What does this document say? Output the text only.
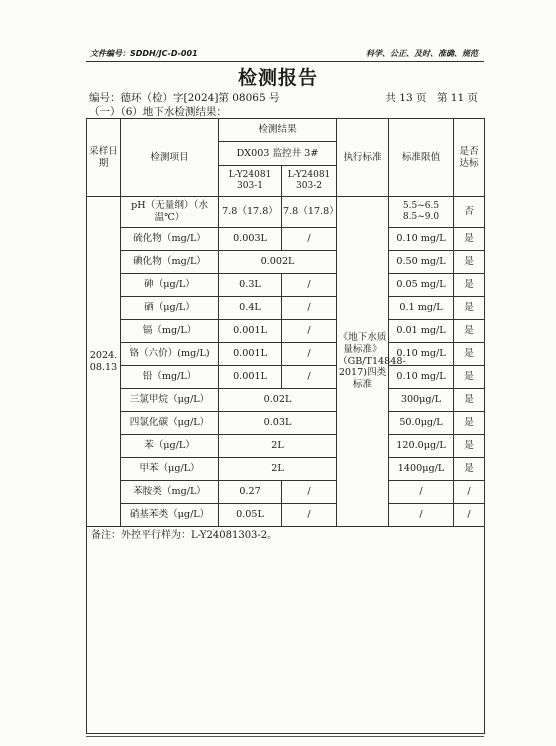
文件编号：SDDH/JC-D-001	科学、公正、及时、准确、规范
检测报告
编号：德环（检）字[2024]第 08065 号	共 13 页　第 11 页
（一）（6）地下水检测结果：
采样日期	检测项目	检测结果		执行标准	标准限值	是否达标
		DX003 监控井 3#				
		L-Y24081 303-1	L-Y24081 303-2			
2024. 08.13	pH（无量纲）（水温℃）	7.8（17.8）	7.8（17.8）	《地下水质量标准》（GB/T14848-2017)四类标准	5.5~6.5 8.5~9.0	否
	硫化物（mg/L）	0.003L	/		0.10 mg/L	是
	碘化物（mg/L）	0.002L			0.50 mg/L	是
	砷（μg/L）	0.3L	/		0.05 mg/L	是
	硒（μg/L）	0.4L	/		0.1 mg/L	是
	镉（mg/L）	0.001L	/		0.01 mg/L	是
	铬（六价）(mg/L)	0.001L	/		0.10 mg/L	是
	铅（mg/L）	0.001L	/		0.10 mg/L	是
	三氯甲烷（μg/L）	0.02L			300μg/L	是
	四氯化碳（μg/L）	0.03L			50.0μg/L	是
	苯（μg/L）	2L			120.0μg/L	是
	甲苯（μg/L）	2L			1400μg/L	是
	苯胺类（mg/L）	0.27	/		/	/
	硝基苯类（μg/L）	0.05L	/		/	/
备注：外控平行样为：L-Y24081303-2。						
